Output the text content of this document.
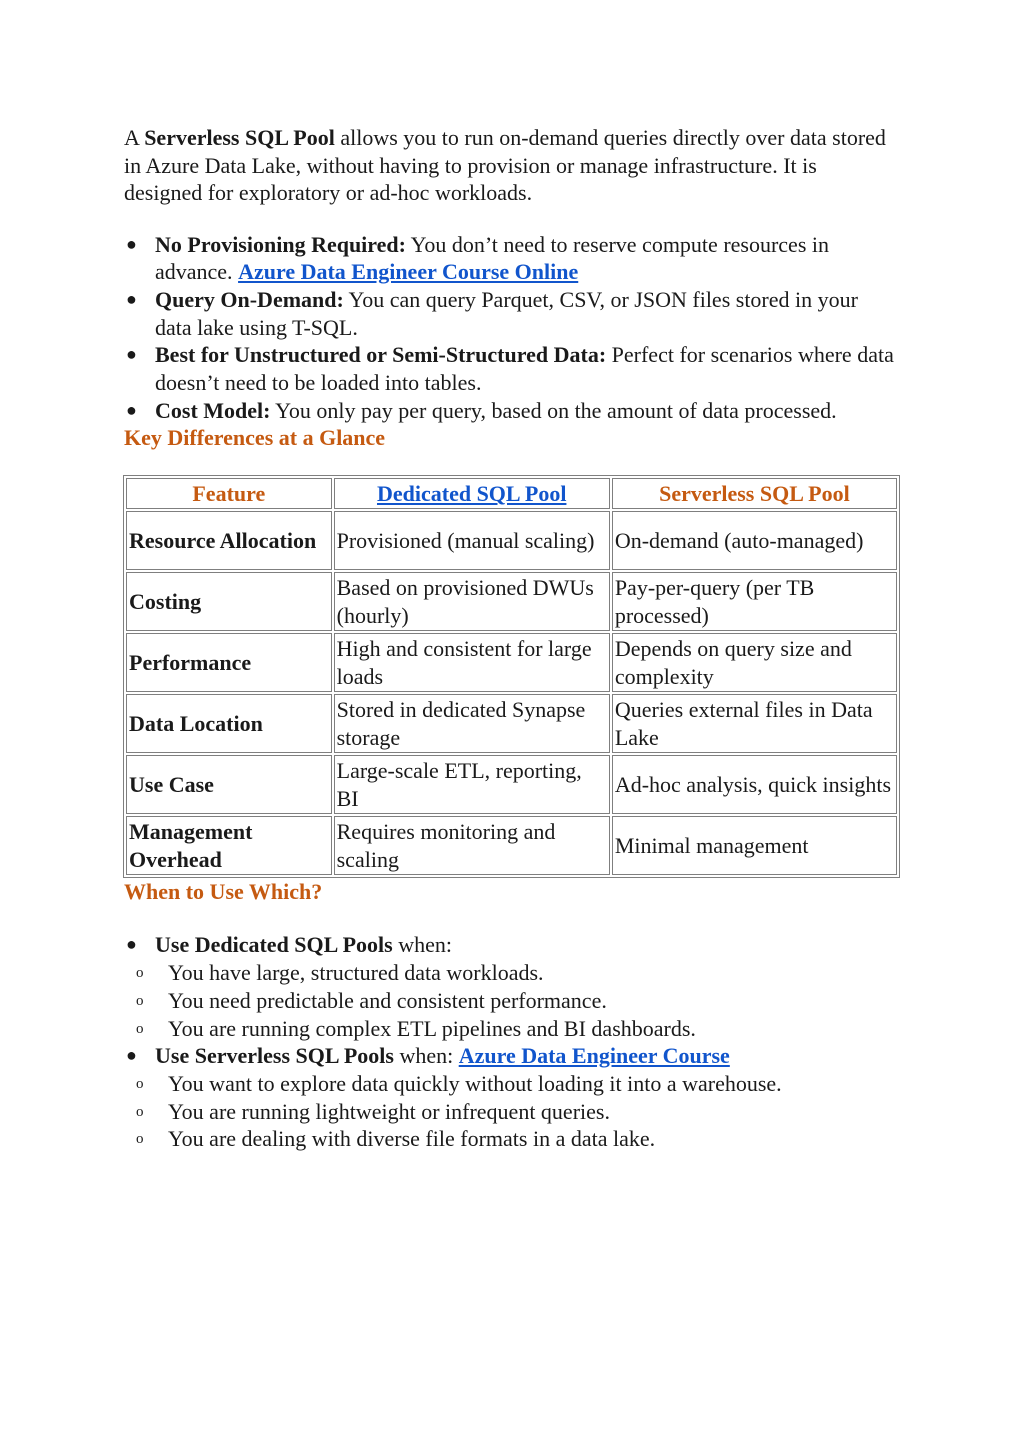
A Serverless SQL Pool allows you to run on-demand queries directly over data stored in Azure Data Lake, without having to provision or manage infrastructure. It is designed for exploratory or ad-hoc workloads.

● No Provisioning Required: You don’t need to reserve compute resources in advance. Azure Data Engineer Course Online
● Query On-Demand: You can query Parquet, CSV, or JSON files stored in your data lake using T-SQL.
● Best for Unstructured or Semi-Structured Data: Perfect for scenarios where data doesn’t need to be loaded into tables.
● Cost Model: You only pay per query, based on the amount of data processed.
Key Differences at a Glance
Feature	Dedicated SQL Pool	Serverless SQL Pool
Resource Allocation	Provisioned (manual scaling)	On-demand (auto-managed)
Costing	Based on provisioned DWUs (hourly)	Pay-per-query (per TB processed)
Performance	High and consistent for large loads	Depends on query size and complexity
Data Location	Stored in dedicated Synapse storage	Queries external files in Data Lake
Use Case	Large-scale ETL, reporting, BI	Ad-hoc analysis, quick insights
Management Overhead	Requires monitoring and scaling	Minimal management
When to Use Which?
● Use Dedicated SQL Pools when:
o You have large, structured data workloads.
o You need predictable and consistent performance.
o You are running complex ETL pipelines and BI dashboards.
● Use Serverless SQL Pools when: Azure Data Engineer Course
o You want to explore data quickly without loading it into a warehouse.
o You are running lightweight or infrequent queries.
o You are dealing with diverse file formats in a data lake.
